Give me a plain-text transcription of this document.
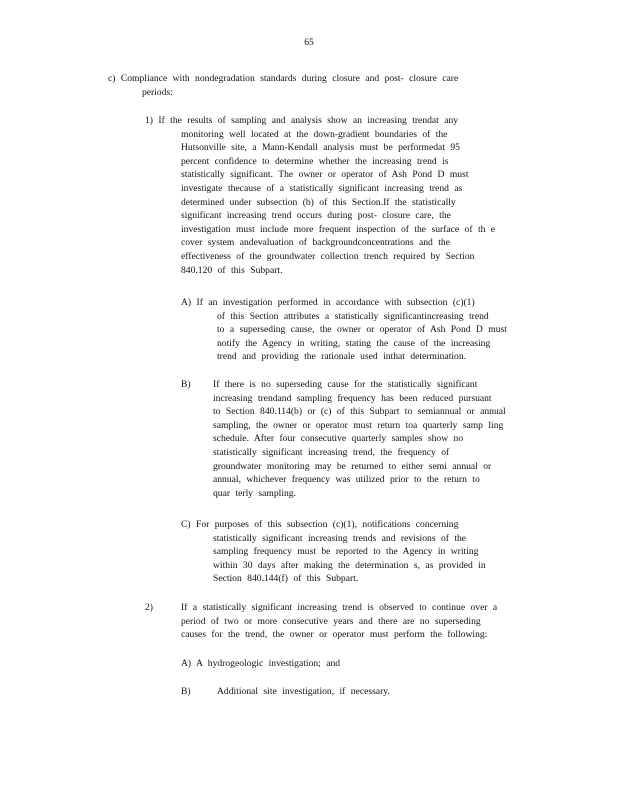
65

c) Compliance with nondegradation standards during closure and post- closure care

periods:

1) If the results of sampling and analysis show an increasing trendat any

monitoring well located at the down-gradient boundaries of the

Hutsonville site, a Mann-Kendall analysis must be performedat 95

percent confidence to determine whether the increasing trend is

statistically significant. The owner or operator of Ash Pond D must

investigate thecause of a statistically significant increasing trend as

determined under subsection (b) of this Section.If the statistically

significant increasing trend occurs during post- closure care, the

investigation must include more frequent inspection of the surface of th e

cover system andevaluation of backgroundconcentrations and the

effectiveness of the groundwater collection trench required by Section

840.120 of this Subpart.

A) If an investigation performed in accordance with subsection (c)(1)

of this Section attributes a statistically significantincreasing trend

to a superseding cause, the owner or operator of Ash Pond D must

notify the Agency in writing, stating the cause of the increasing

trend and providing the rationale used inthat determination.

B) If there is no superseding cause for the statistically significant

increasing trendand sampling frequency has been reduced pursuant

to Section 840.114(b) or (c) of this Subpart to semiannual or annual

sampling, the owner or operator must return toa quarterly samp ling

schedule. After four consecutive quarterly samples show no

statistically significant increasing trend, the frequency of

groundwater monitoring may be returned to either semi annual or

annual, whichever frequency was utilized prior to the return to

quar terly sampling.

C) For purposes of this subsection (c)(1), notifications concerning

statistically significant increasing trends and revisions of the

sampling frequency must be reported to the Agency in writing

within 30 days after making the determination s, as provided in

Section 840.144(f) of this Subpart.

2)	If a statistically significant increasing trend is observed to continue over a

period of two or more consecutive years and there are no superseding

causes for the trend, the owner or operator must perform the following:

A) A hydrogeologic investigation; and

B)	Additional site investigation, if necessary.
